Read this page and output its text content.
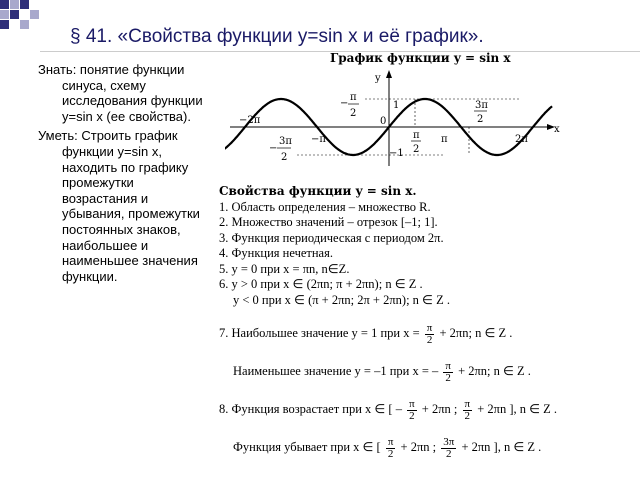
§ 41. «Свойства функции y=sin x и её график».

Знать: понятие функции синуса, схему исследования функции y=sin x (ее свойства).

Уметь: Строить график функции y=sin x, находить по графику промежутки возрастания и убывания, промежутки постоянных знаков, наибольшее и наименьшее значения функции.

График функции y = sin x
x
y
0
1
−1
−2π
−π	π	2π
−
π
2
−
3π
2
π
2
3π
2
Свойства функции y = sin x.
1. Область определения – множество R.
2. Множество значений – отрезок [–1; 1].
3. Функция периодическая с периодом 2π.
4. Функция нечетная.
5. y = 0 при x = πn, n∈Z.
6. y > 0 при x ∈ (2πn; π + 2πn); n ∈ Z .
y < 0 при x ∈ (π + 2πn; 2π + 2πn); n ∈ Z .
7. Наибольшее значение y = 1 при $x = \frac{\pi}{2} + 2\pi n$; n ∈ Z .
Наименьшее значение y = –1 при x = – $\frac{\pi}{2} + 2\pi n$; n ∈ Z .
8. Функция возрастает при x ∈ [ – $\frac{\pi}{2} + 2\pi n$ ; $\frac{\pi}{2} + 2\pi n$ ], n ∈ Z .
Функция убывает при x ∈ [ $\frac{\pi}{2} + 2\pi n$ ; $\frac{3\pi}{2} + 2\pi n$ ], n ∈ Z .
